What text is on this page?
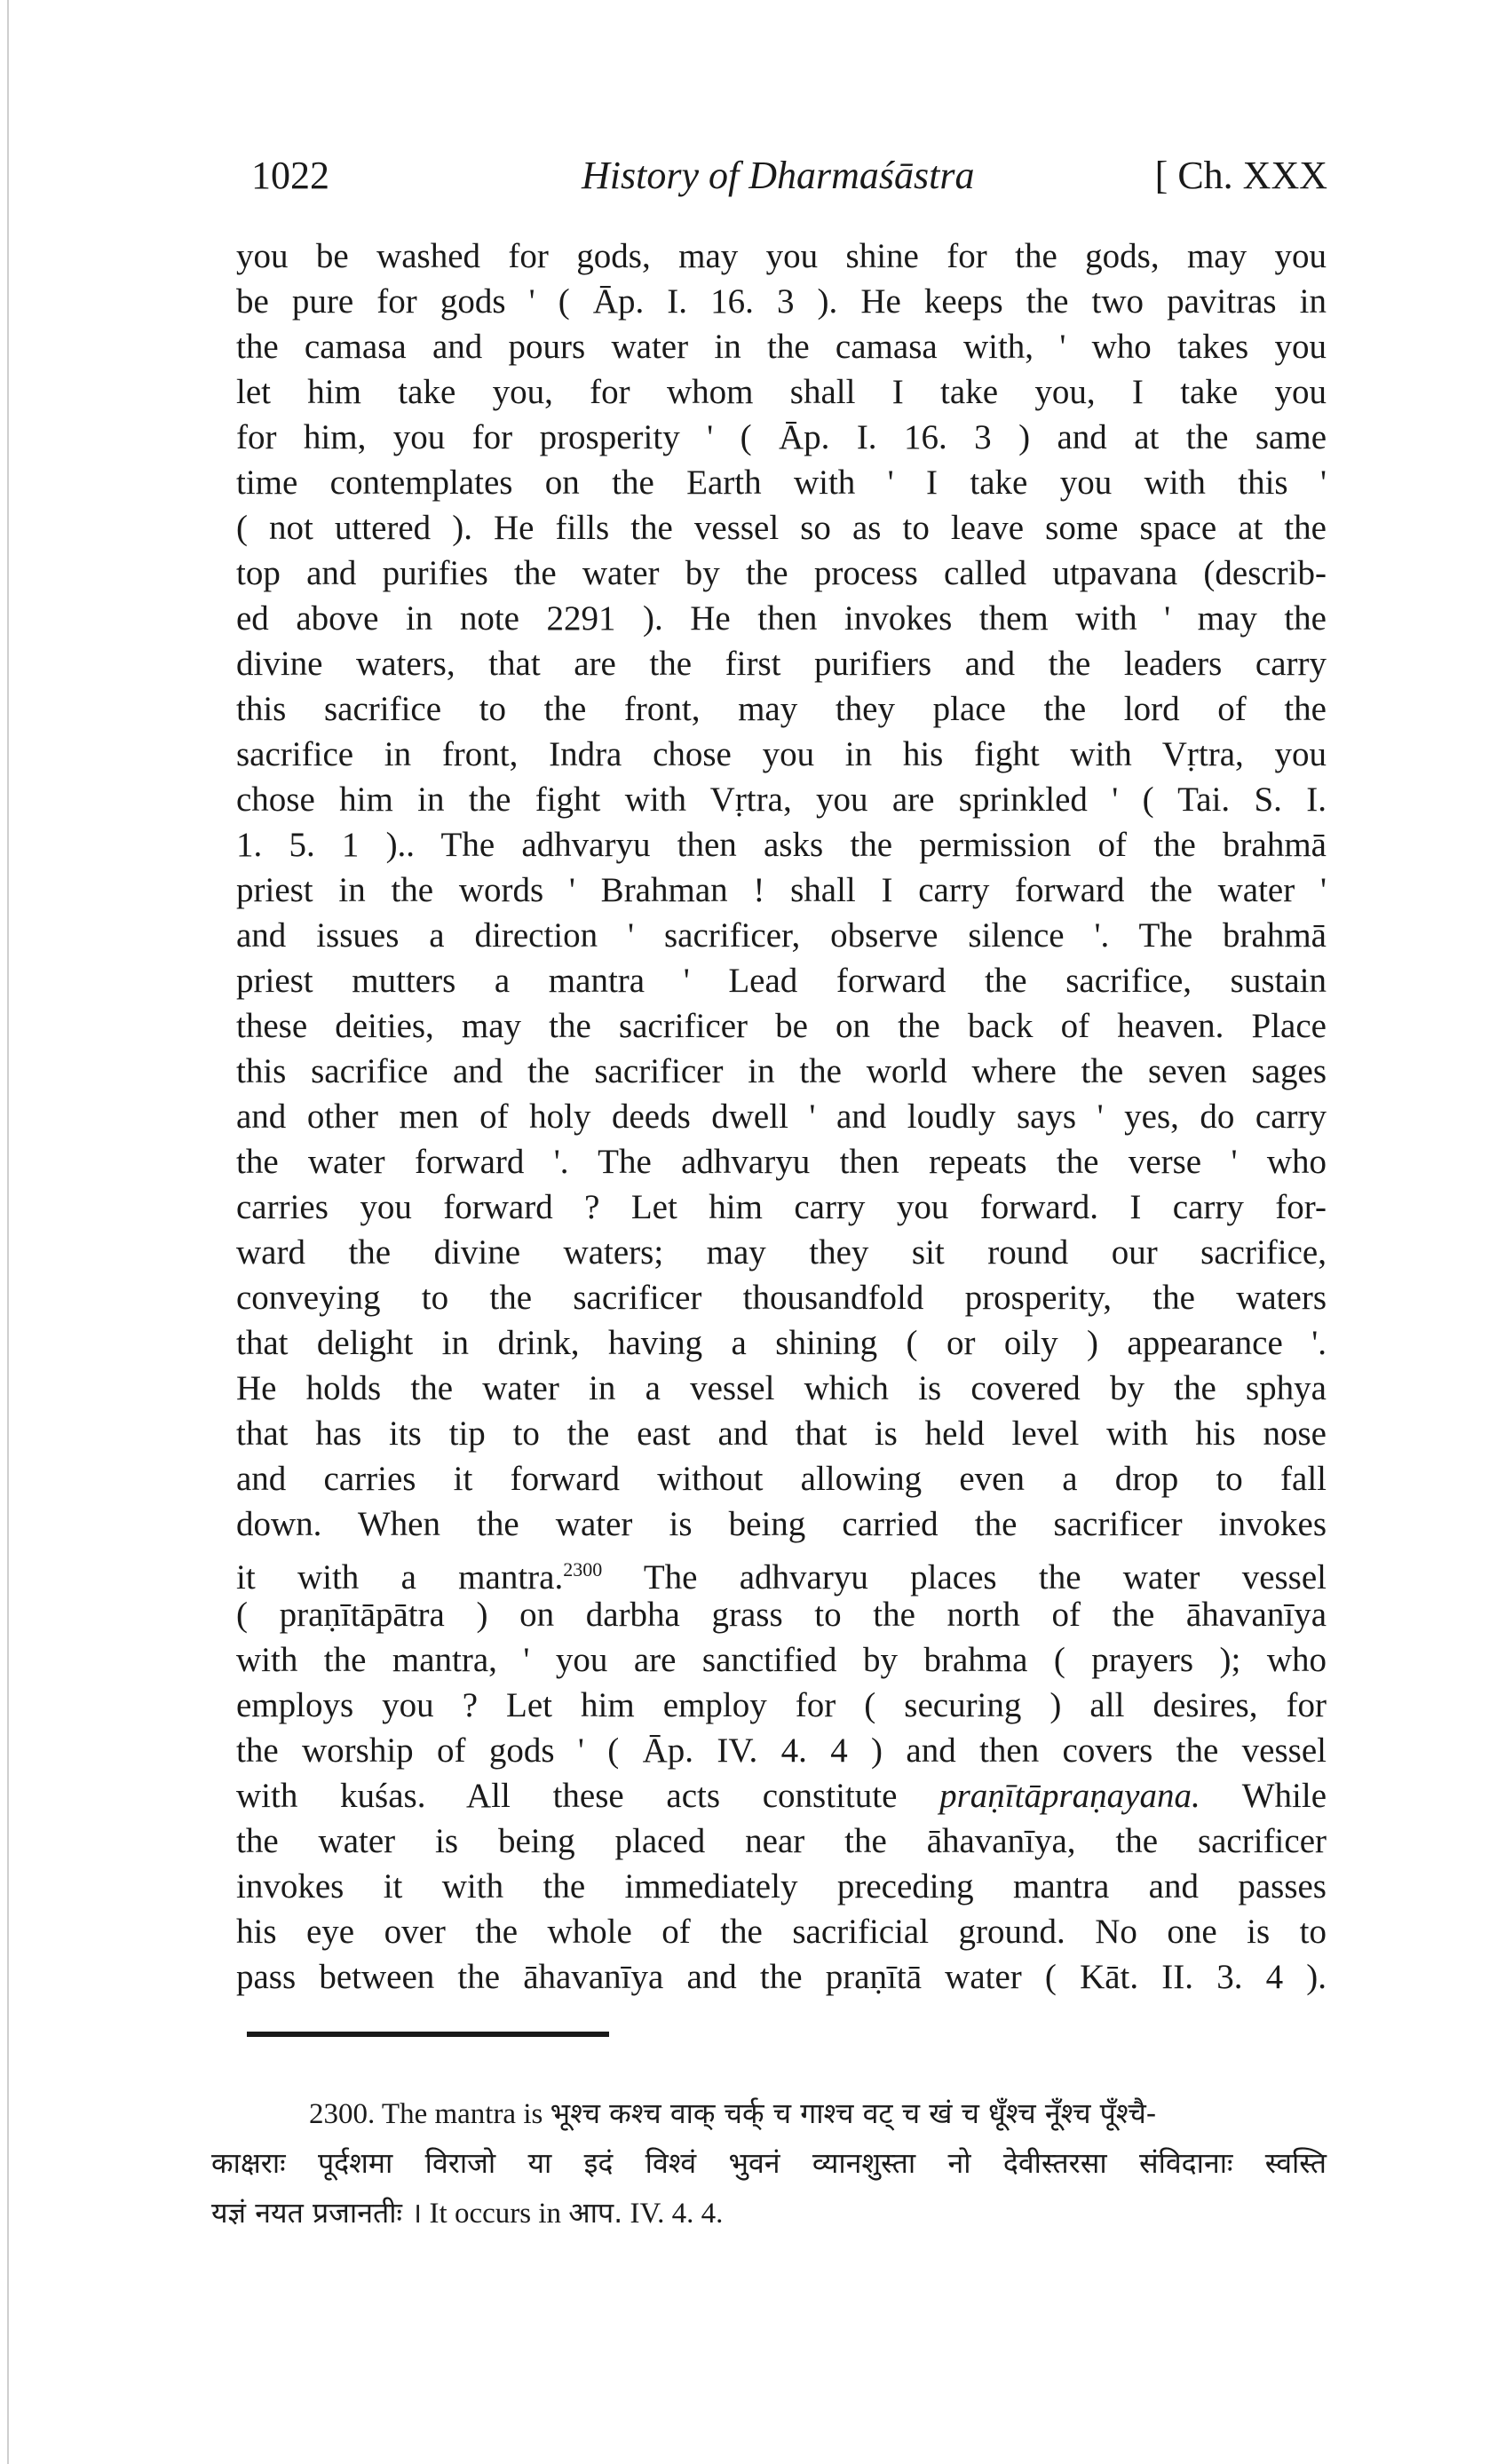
1022	History of Dharmaśāstra	[ Ch. XXX
you be washed for gods, may you shine for the gods, may you
be pure for gods ' ( Āp. I. 16. 3 ). He keeps the two pavitras in
the camasa and pours water in the camasa with, ' who takes you
let him take you, for whom shall I take you, I take you
for him, you for prosperity ' ( Āp. I. 16. 3 ) and at the same
time contemplates on the Earth with ' I take you with this '
( not uttered ). He fills the vessel so as to leave some space at the
top and purifies the water by the process called utpavana (describ-
ed above in note 2291 ). He then invokes them with ' may the
divine waters, that are the first purifiers and the leaders carry
this sacrifice to the front, may they place the lord of the
sacrifice in front, Indra chose you in his fight with Vṛtra, you
chose him in the fight with Vṛtra, you are sprinkled ' ( Tai. S. I.
1. 5. 1 ).. The adhvaryu then asks the permission of the brahmā
priest in the words ' Brahman ! shall I carry forward the water '
and issues a direction ' sacrificer, observe silence '. The brahmā
priest mutters a mantra ' Lead forward the sacrifice, sustain
these deities, may the sacrificer be on the back of heaven. Place
this sacrifice and the sacrificer in the world where the seven sages
and other men of holy deeds dwell ' and loudly says ' yes, do carry
the water forward '. The adhvaryu then repeats the verse ' who
carries you forward ? Let him carry you forward. I carry for-
ward the divine waters; may they sit round our sacrifice,
conveying to the sacrificer thousandfold prosperity, the waters
that delight in drink, having a shining ( or oily ) appearance '.
He holds the water in a vessel which is covered by the sphya
that has its tip to the east and that is held level with his nose
and carries it forward without allowing even a drop to fall
down. When the water is being carried the sacrificer invokes
it with a mantra.$^{2300}$ The adhvaryu places the water vessel
( praṇītāpātra ) on darbha grass to the north of the āhavanīya
with the mantra, ' you are sanctified by brahma ( prayers ); who
employs you ? Let him employ for ( securing ) all desires, for
the worship of gods ' ( Āp. IV. 4. 4 ) and then covers the vessel
with kuśas. All these acts constitute praṇītāpraṇayana. While
the water is being placed near the āhavanīya, the sacrificer
invokes it with the immediately preceding mantra and passes
his eye over the whole of the sacrificial ground. No one is to
pass between the āhavanīya and the praṇītā water ( Kāt. II. 3. 4 ).
2300. The mantra is भूश्च कश्च वाक् चर्क् च गाश्च वट् च खं च धूँश्च नूँश्च पूँश्चै-
काक्षराः पूर्दशमा विराजो या इदं विश्वं भुवनं व्यानशुस्ता नो देवीस्तरसा संविदानाः स्वस्ति
यज्ञं नयत प्रजानतीः । It occurs in आप. IV. 4. 4.
